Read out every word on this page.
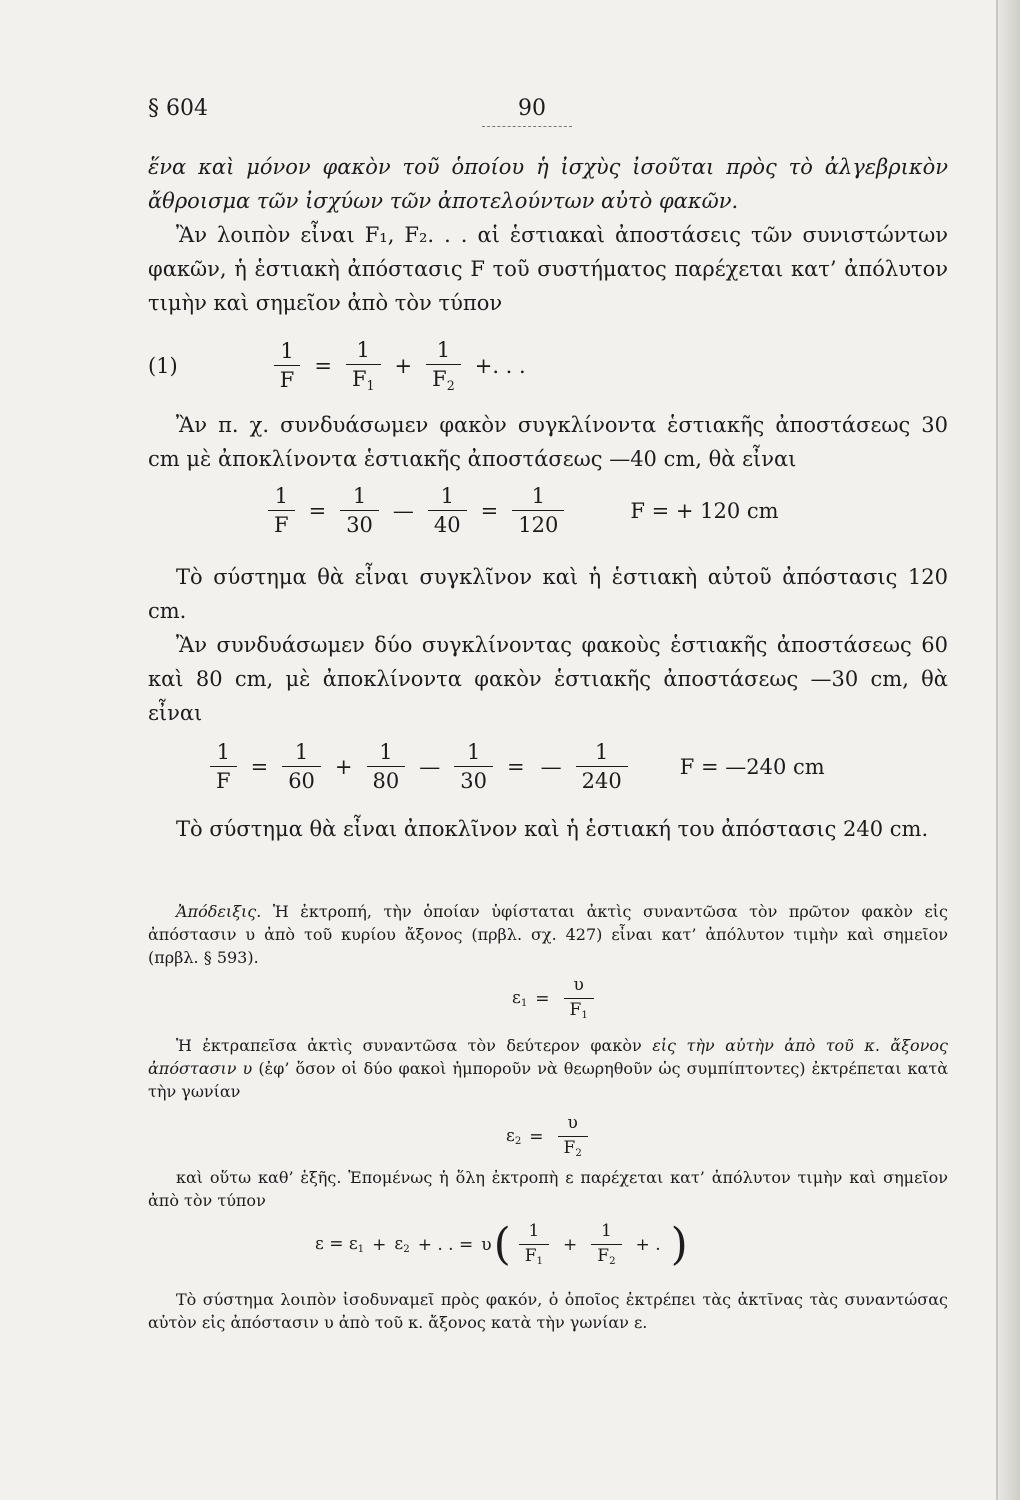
§ 604	90

ἕνα καὶ μόνον φακὸν τοῦ ὁποίου ἡ ἰσχὺς ἰσοῦται πρὸς τὸ ἀλγεβρικὸν ἄθροισμα τῶν ἰσχύων τῶν ἀποτελούντων αὐτὸ φακῶν.

Ἂν λοιπὸν εἶναι F₁, F₂. . . αἱ ἑστιακαὶ ἀποστάσεις τῶν συνιστώντων φακῶν, ἡ ἑστιακὴ ἀπόστασις F τοῦ συστήματος παρέχεται κατ’ ἀπόλυτον τιμὴν καὶ σημεῖον ἀπὸ τὸν τύπον

(1)	$\frac{1}{F} = \frac{1}{F_1} + \frac{1}{F_2}$ +. . .

Ἂν π. χ. συνδυάσωμεν φακὸν συγκλίνοντα ἑστιακῆς ἀποστάσεως 30 cm μὲ ἀποκλίνοντα ἑστιακῆς ἀποστάσεως —40 cm, θὰ εἶναι

$\frac{1}{F} = \frac{1}{30}$ — $\frac{1}{40} = \frac{1}{120}$	F = + 120 cm

Τὸ σύστημα θὰ εἶναι συγκλῖνον καὶ ἡ ἑστιακὴ αὐτοῦ ἀπόστασις 120 cm.

Ἂν συνδυάσωμεν δύο συγκλίνοντας φακοὺς ἑστιακῆς ἀποστάσεως 60 καὶ 80 cm, μὲ ἀποκλίνοντα φακὸν ἑστιακῆς ἀποστάσεως —30 cm, θὰ εἶναι

$\frac{1}{F} = \frac{1}{60} + \frac{1}{80}$ — $\frac{1}{30}$ = — $\frac{1}{240}$ F = —240 cm

Τὸ σύστημα θὰ εἶναι ἀποκλῖνον καὶ ἡ ἑστιακή του ἀπόστασις 240 cm.

Ἀπόδειξις. Ἡ ἐκτροπή, τὴν ὁποίαν ὑφίσταται ἀκτὶς συναντῶσα τὸν πρῶτον φακὸν εἰς ἀπόστασιν υ ἀπὸ τοῦ κυρίου ἄξονος (πρβλ. σχ. 427) εἶναι κατ’ ἀπόλυτον τιμὴν καὶ σημεῖον (πρβλ. § 593).

$\varepsilon_1 = \frac{\upsilon}{F_1}$

Ἡ ἐκτραπεῖσα ἀκτὶς συναντῶσα τὸν δεύτερον φακὸν εἰς τὴν αὐτὴν ἀπὸ τοῦ κ. ἄξονος ἀπόστασιν υ (ἐφ’ ὅσον οἱ δύο φακοὶ ἠμποροῦν νὰ θεωρηθοῦν ὡς συμπίπτοντες) ἐκτρέπεται κατὰ τὴν γωνίαν

$\varepsilon_2 = \frac{\upsilon}{F_2}$

καὶ οὕτω καθ’ ἑξῆς. Ἑπομένως ἡ ὅλη ἐκτροπὴ ε παρέχεται κατ’ ἀπόλυτον τιμὴν καὶ σημεῖον ἀπὸ τὸν τύπον

$\varepsilon = \varepsilon_1 + \varepsilon_2$ + . . = υ ( $\frac{1}{F_1} + \frac{1}{F_2}$ + . )

Τὸ σύστημα λοιπὸν ἰσοδυναμεῖ πρὸς φακόν, ὁ ὁποῖος ἐκτρέπει τὰς ἀκτῖνας τὰς συναντώσας αὐτὸν εἰς ἀπόστασιν υ ἀπὸ τοῦ κ. ἄξονος κατὰ τὴν γωνίαν ε.
